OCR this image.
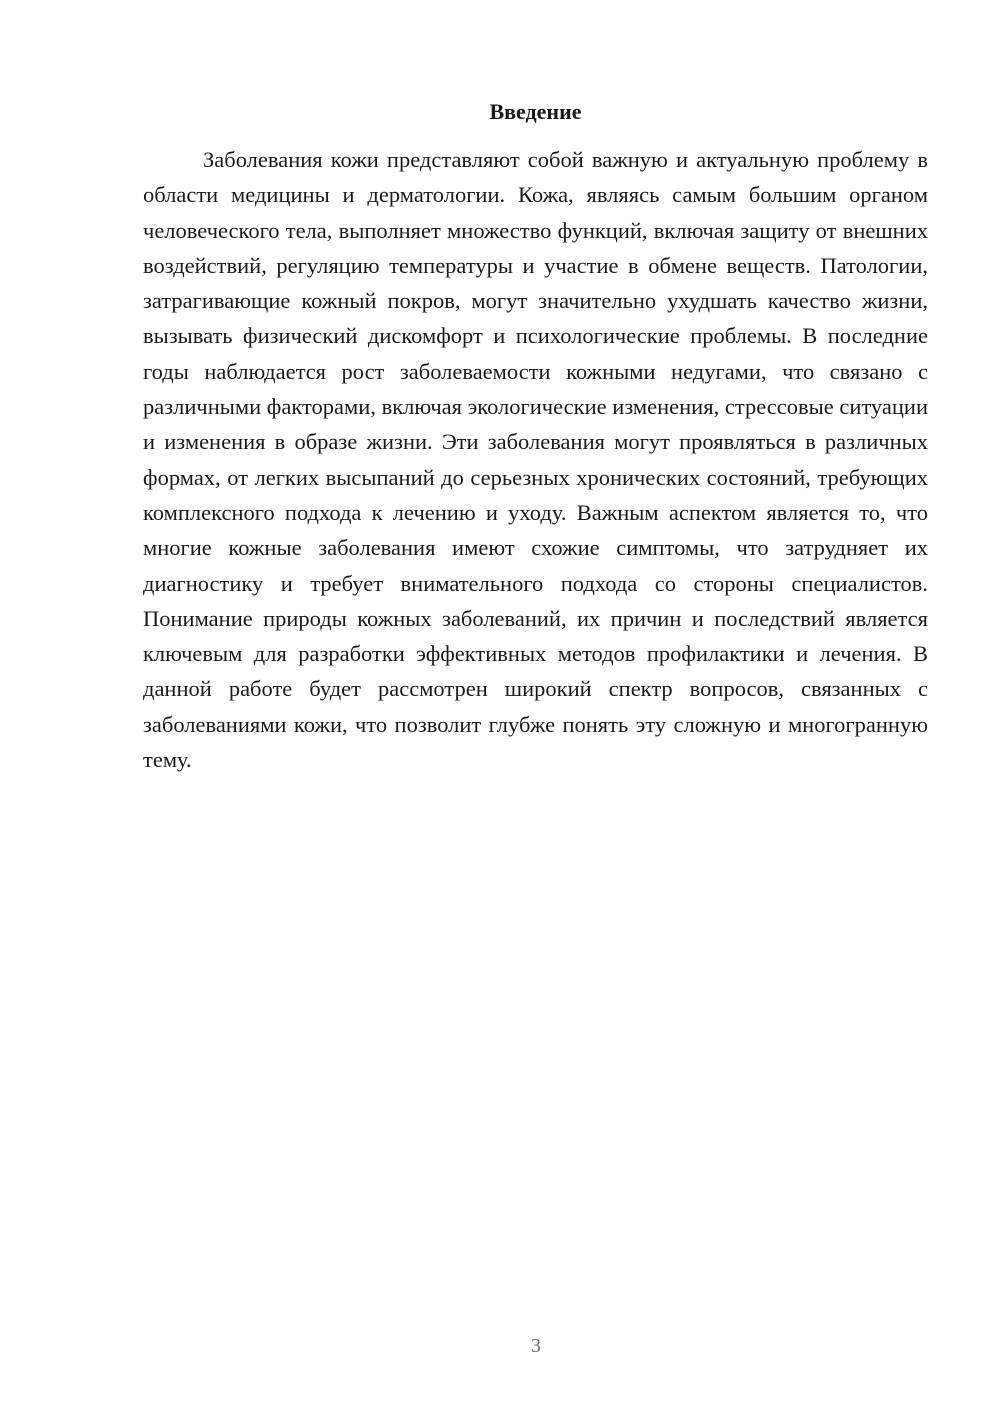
Введение

Заболевания кожи представляют собой важную и актуальную проблему в области медицины и дерматологии. Кожа, являясь самым большим органом человеческого тела, выполняет множество функций, включая защиту от внешних воздействий, регуляцию температуры и участие в обмене веществ. Патологии, затрагивающие кожный покров, могут значительно ухудшать качество жизни, вызывать физический дискомфорт и психологические проблемы. В последние годы наблюдается рост заболеваемости кожными недугами, что связано с различными факторами, включая экологические изменения, стрессовые ситуации и изменения в образе жизни. Эти заболевания могут проявляться в различных формах, от легких высыпаний до серьезных хронических состояний, требующих комплексного подхода к лечению и уходу. Важным аспектом является то, что многие кожные заболевания имеют схожие симптомы, что затрудняет их диагностику и требует внимательного подхода со стороны специалистов. Понимание природы кожных заболеваний, их причин и последствий является ключевым для разработки эффективных методов профилактики и лечения. В данной работе будет рассмотрен широкий спектр вопросов, связанных с заболеваниями кожи, что позволит глубже понять эту сложную и многогранную тему.

3
